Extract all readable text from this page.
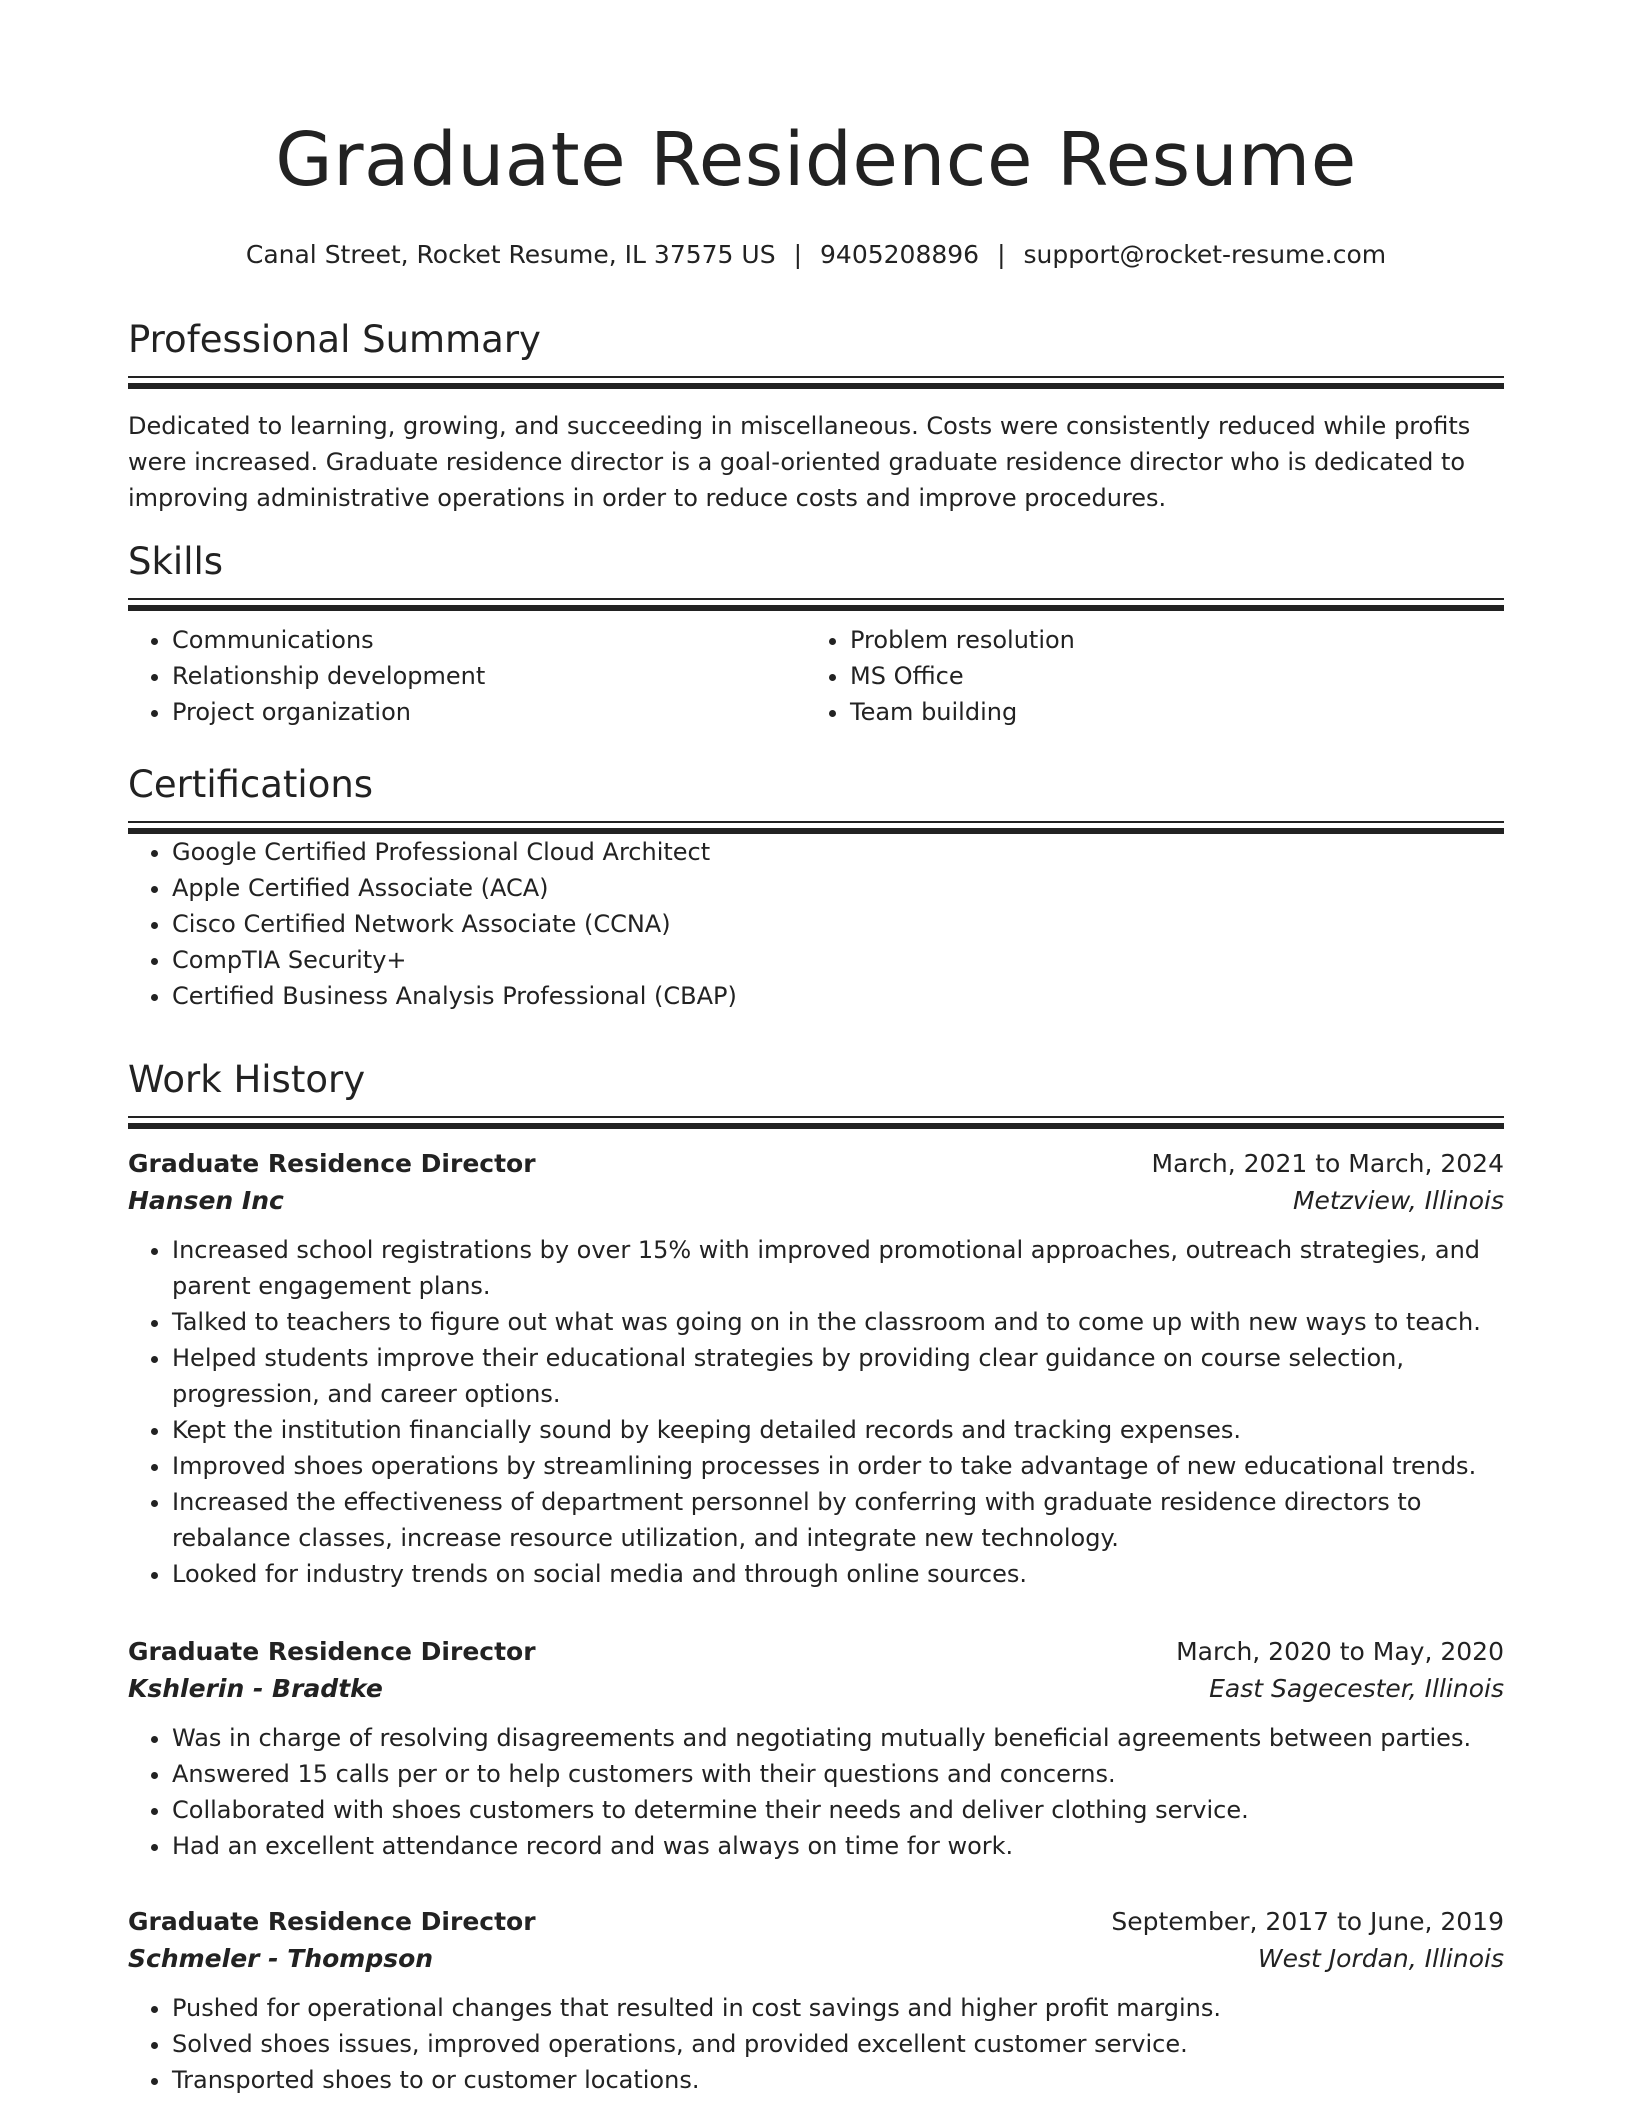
Graduate Residence Resume
Canal Street, Rocket Resume, IL 37575 US | 9405208896 | support@rocket-resume.com
Professional Summary

Dedicated to learning, growing, and succeeding in miscellaneous. Costs were consistently reduced while profits were increased. Graduate residence director is a goal-oriented graduate residence director who is dedicated to improving administrative operations in order to reduce costs and improve procedures.

Skills
• Communications
• Relationship development
• Project organization
• Problem resolution
• MS Office
• Team building
Certifications
• Google Certified Professional Cloud Architect
• Apple Certified Associate (ACA)
• Cisco Certified Network Associate (CCNA)
• CompTIA Security+
• Certified Business Analysis Professional (CBAP)
Work History
Graduate Residence Director	March, 2021 to March, 2024
Hansen Inc	Metzview, Illinois
• Increased school registrations by over 15% with improved promotional approaches, outreach strategies, and parent engagement plans.
• Talked to teachers to figure out what was going on in the classroom and to come up with new ways to teach.
• Helped students improve their educational strategies by providing clear guidance on course selection, progression, and career options.
• Kept the institution financially sound by keeping detailed records and tracking expenses.
• Improved shoes operations by streamlining processes in order to take advantage of new educational trends.
• Increased the effectiveness of department personnel by conferring with graduate residence directors to rebalance classes, increase resource utilization, and integrate new technology.
• Looked for industry trends on social media and through online sources.
Graduate Residence Director	March, 2020 to May, 2020
Kshlerin - Bradtke	East Sagecester, Illinois
• Was in charge of resolving disagreements and negotiating mutually beneficial agreements between parties.
• Answered 15 calls per or to help customers with their questions and concerns.
• Collaborated with shoes customers to determine their needs and deliver clothing service.
• Had an excellent attendance record and was always on time for work.
Graduate Residence Director	September, 2017 to June, 2019
Schmeler - Thompson	West Jordan, Illinois
• Pushed for operational changes that resulted in cost savings and higher profit margins.
• Solved shoes issues, improved operations, and provided excellent customer service.
• Transported shoes to or customer locations.
